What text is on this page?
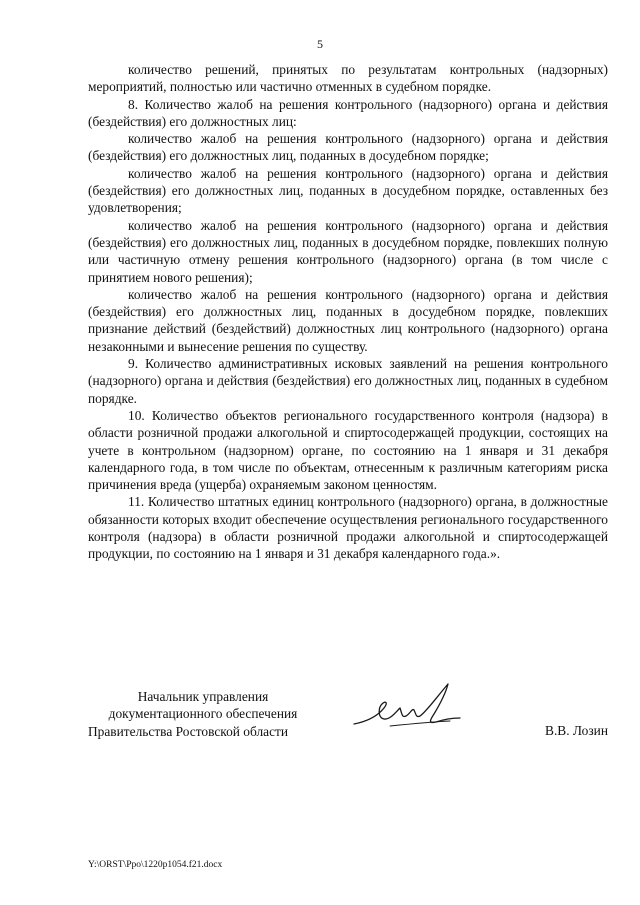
5

количество решений, принятых по результатам контрольных (надзорных) мероприятий, полностью или частично отменных в судебном порядке.

8. Количество жалоб на решения контрольного (надзорного) органа и действия (бездействия) его должностных лиц:

количество жалоб на решения контрольного (надзорного) органа и действия (бездействия) его должностных лиц, поданных в досудебном порядке;

количество жалоб на решения контрольного (надзорного) органа и действия (бездействия) его должностных лиц, поданных в досудебном порядке, оставленных без удовлетворения;

количество жалоб на решения контрольного (надзорного) органа и действия (бездействия) его должностных лиц, поданных в досудебном порядке, повлекших полную или частичную отмену решения контрольного (надзорного) органа (в том числе с принятием нового решения);

количество жалоб на решения контрольного (надзорного) органа и действия (бездействия) его должностных лиц, поданных в досудебном порядке, повлекших признание действий (бездействий) должностных лиц контрольного (надзорного) органа незаконными и вынесение решения по существу.

9. Количество административных исковых заявлений на решения контрольного (надзорного) органа и действия (бездействия) его должностных лиц, поданных в судебном порядке.

10. Количество объектов регионального государственного контроля (надзора) в области розничной продажи алкогольной и спиртосодержащей продукции, состоящих на учете в контрольном (надзорном) органе, по состоянию на 1 января и 31 декабря календарного года, в том числе по объектам, отнесенным к различным категориям риска причинения вреда (ущерба) охраняемым законом ценностям.

11. Количество штатных единиц контрольного (надзорного) органа, в должностные обязанности которых входит обеспечение осуществления регионального государственного контроля (надзора) в области розничной продажи алкогольной и спиртосодержащей продукции, по состоянию на 1 января и 31 декабря календарного года.».

Начальник управления
документационного обеспечения
Правительства Ростовской области	В.В. Лозин
Y:\ORST\Ppo\1220p1054.f21.docx
